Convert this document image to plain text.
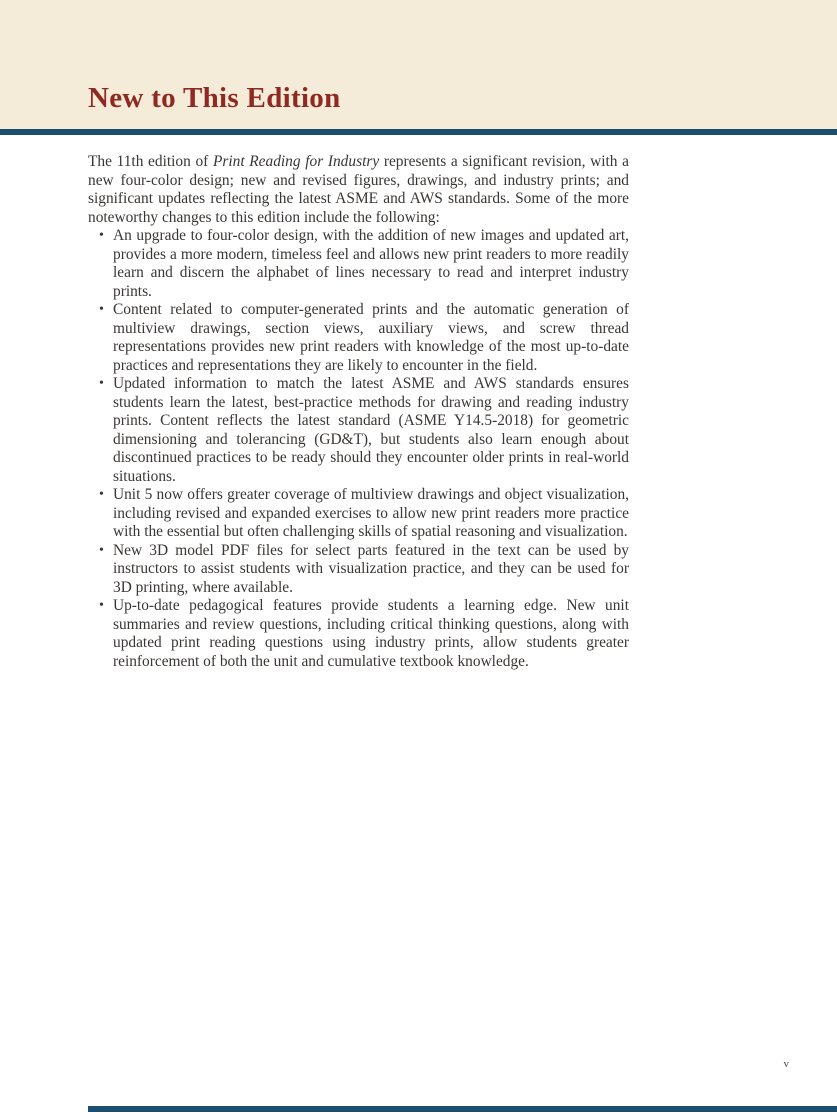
New to This Edition

The 11th edition of Print Reading for Industry represents a significant revision, with a new four-color design; new and revised figures, drawings, and industry prints; and significant updates reflecting the latest ASME and AWS standards. Some of the more noteworthy changes to this edition include the following:

• An upgrade to four-color design, with the addition of new images and updated art, provides a more modern, timeless feel and allows new print readers to more readily learn and discern the alphabet of lines necessary to read and interpret industry prints.
• Content related to computer-generated prints and the automatic generation of multiview drawings, section views, auxiliary views, and screw thread representations provides new print readers with knowledge of the most up-to-date practices and representations they are likely to encounter in the field.
• Updated information to match the latest ASME and AWS standards ensures students learn the latest, best-practice methods for drawing and reading industry prints. Content reflects the latest standard (ASME Y14.5-2018) for geometric dimensioning and tolerancing (GD&T), but students also learn enough about discontinued practices to be ready should they encounter older prints in real-world situations.
• Unit 5 now offers greater coverage of multiview drawings and object visualization, including revised and expanded exercises to allow new print readers more practice with the essential but often challenging skills of spatial reasoning and visualization.
• New 3D model PDF files for select parts featured in the text can be used by instructors to assist students with visualization practice, and they can be used for 3D printing, where available.
• Up-to-date pedagogical features provide students a learning edge. New unit summaries and review questions, including critical thinking questions, along with updated print reading questions using industry prints, allow students greater reinforcement of both the unit and cumulative textbook knowledge.
v
